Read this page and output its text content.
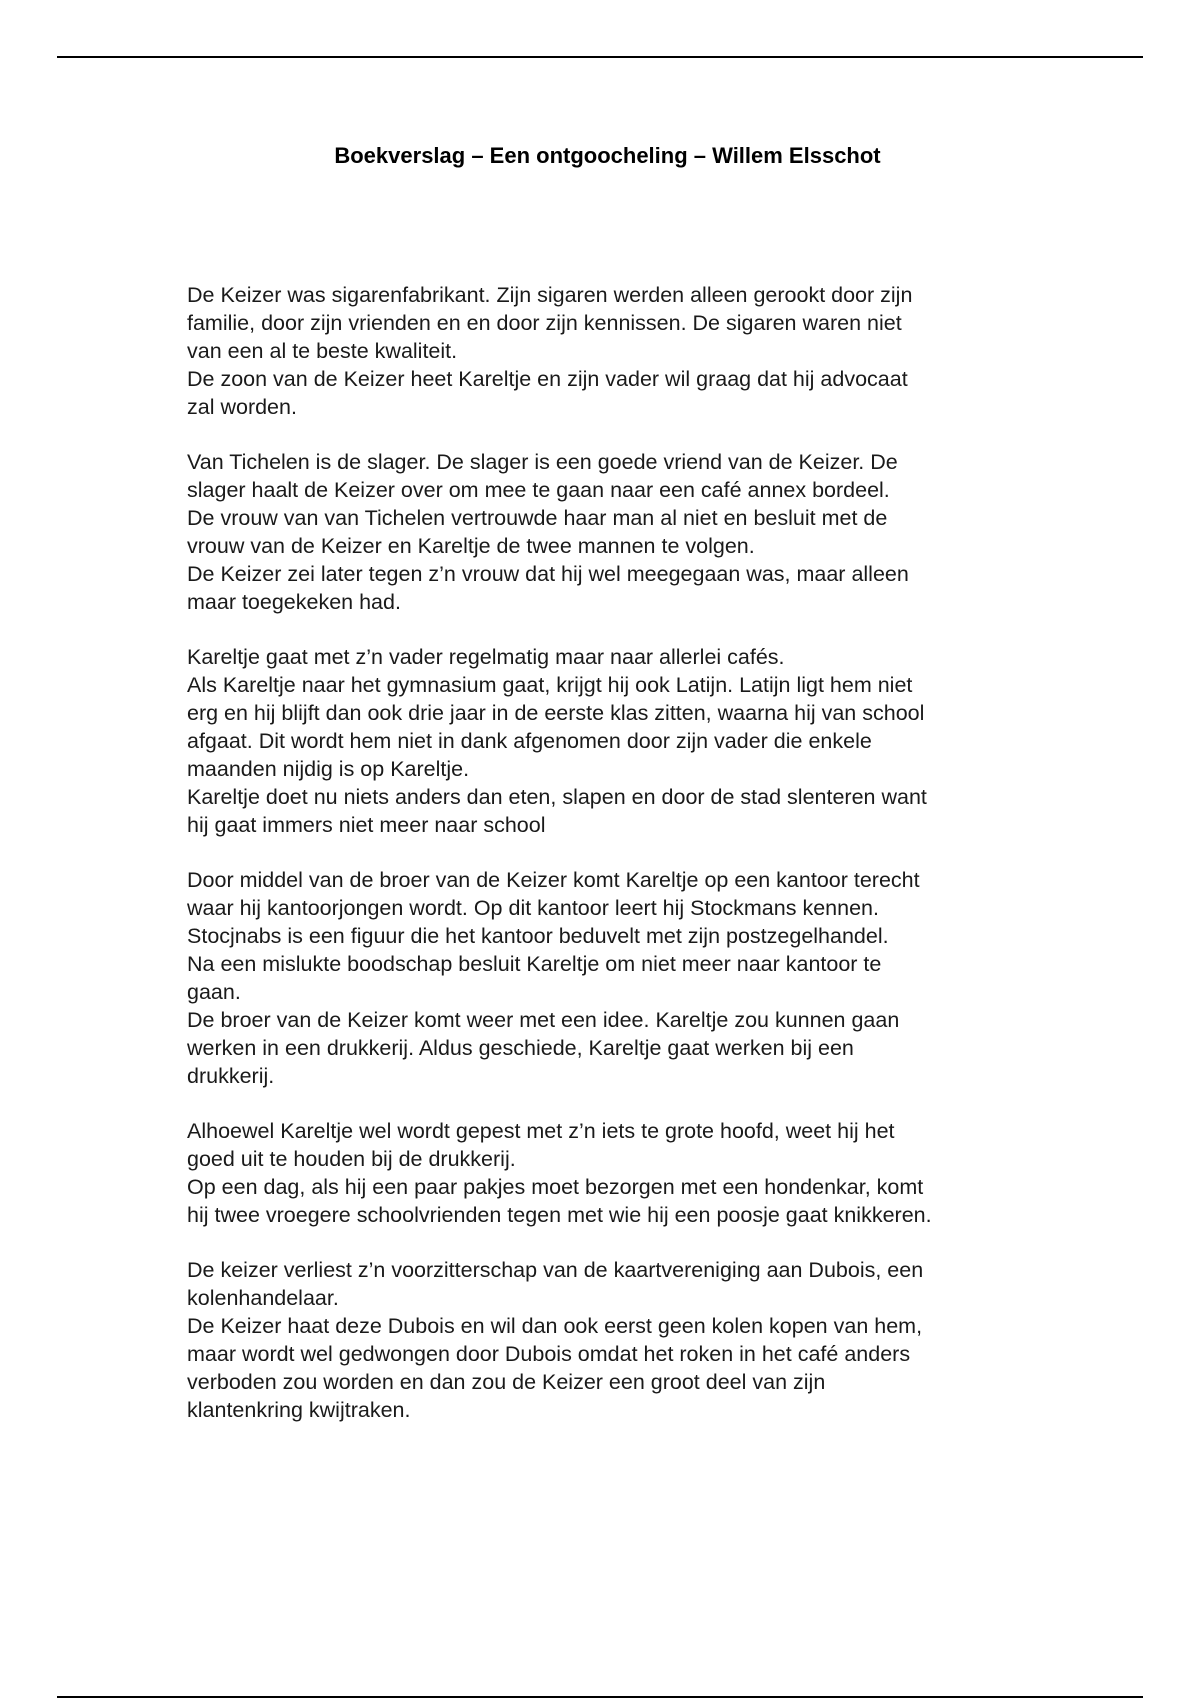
Boekverslag – Een ontgoocheling – Willem Elsschot

De Keizer was sigarenfabrikant. Zijn sigaren werden alleen gerookt door zijn
familie, door zijn vrienden en en door zijn kennissen. De sigaren waren niet
van een al te beste kwaliteit.
De zoon van de Keizer heet Kareltje en zijn vader wil graag dat hij advocaat
zal worden.

Van Tichelen is de slager. De slager is een goede vriend van de Keizer. De
slager haalt de Keizer over om mee te gaan naar een café annex bordeel.
De vrouw van van Tichelen vertrouwde haar man al niet en besluit met de
vrouw van de Keizer en Kareltje de twee mannen te volgen.
De Keizer zei later tegen z’n vrouw dat hij wel meegegaan was, maar alleen
maar toegekeken had.

Kareltje gaat met z’n vader regelmatig maar naar allerlei cafés.
Als Kareltje naar het gymnasium gaat, krijgt hij ook Latijn. Latijn ligt hem niet
erg en hij blijft dan ook drie jaar in de eerste klas zitten, waarna hij van school
afgaat. Dit wordt hem niet in dank afgenomen door zijn vader die enkele
maanden nijdig is op Kareltje.
Kareltje doet nu niets anders dan eten, slapen en door de stad slenteren want
hij gaat immers niet meer naar school

Door middel van de broer van de Keizer komt Kareltje op een kantoor terecht
waar hij kantoorjongen wordt. Op dit kantoor leert hij Stockmans kennen.
Stocjnabs is een figuur die het kantoor beduvelt met zijn postzegelhandel.
Na een mislukte boodschap besluit Kareltje om niet meer naar kantoor te
gaan.
De broer van de Keizer komt weer met een idee. Kareltje zou kunnen gaan
werken in een drukkerij. Aldus geschiede, Kareltje gaat werken bij een
drukkerij.

Alhoewel Kareltje wel wordt gepest met z’n iets te grote hoofd, weet hij het
goed uit te houden bij de drukkerij.
Op een dag, als hij een paar pakjes moet bezorgen met een hondenkar, komt
hij twee vroegere schoolvrienden tegen met wie hij een poosje gaat knikkeren.

De keizer verliest z’n voorzitterschap van de kaartvereniging aan Dubois, een
kolenhandelaar.
De Keizer haat deze Dubois en wil dan ook eerst geen kolen kopen van hem,
maar wordt wel gedwongen door Dubois omdat het roken in het café anders
verboden zou worden en dan zou de Keizer een groot deel van zijn
klantenkring kwijtraken.
